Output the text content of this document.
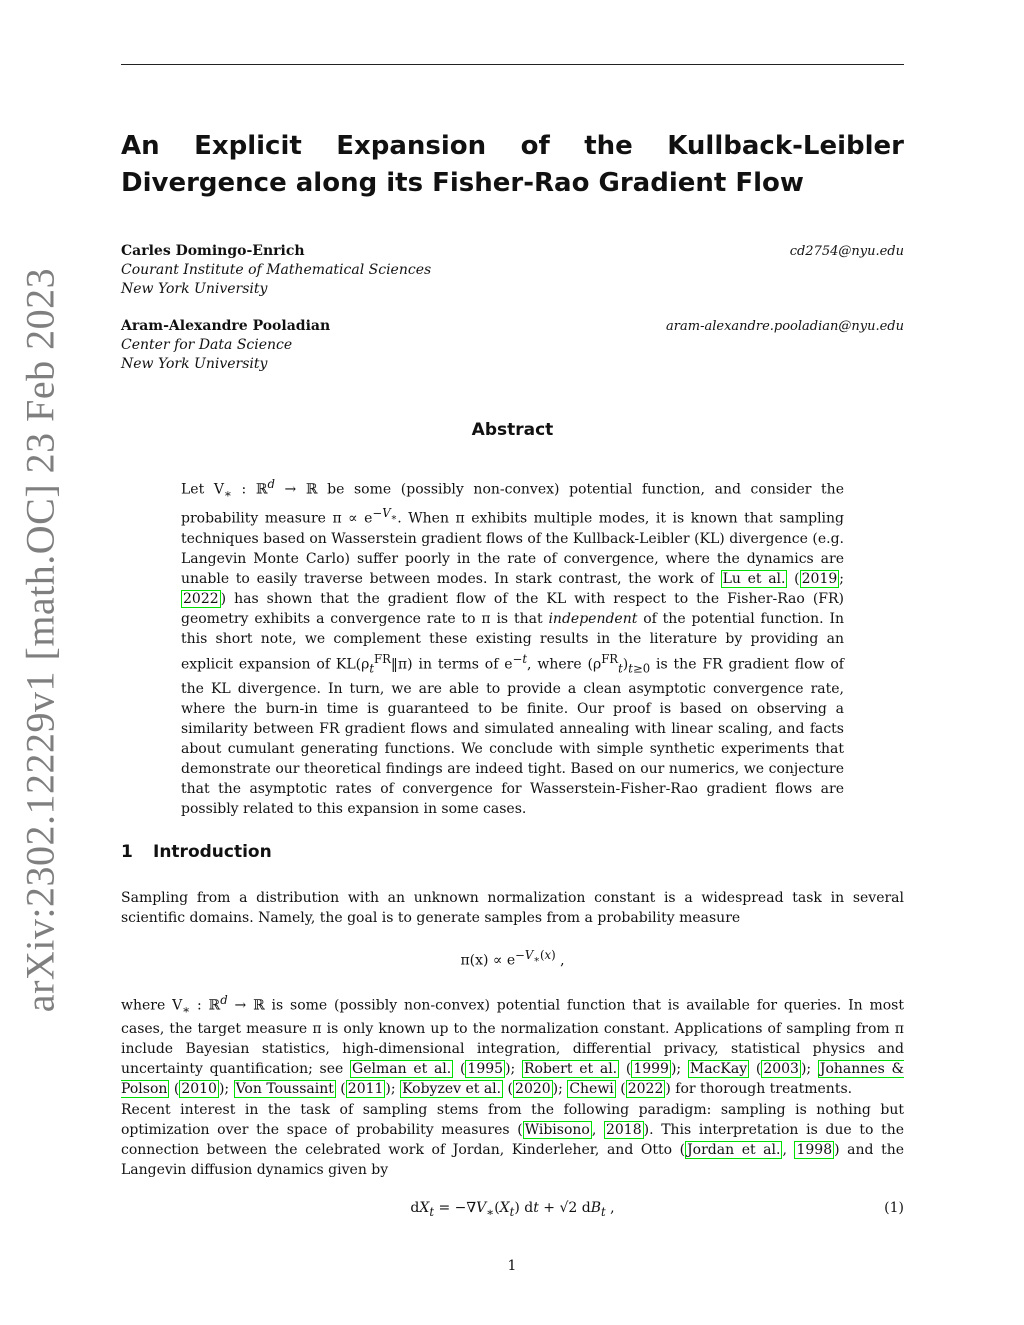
arXiv:2302.12229v1 [math.OC] 23 Feb 2023
An Explicit Expansion of the Kullback-Leibler Divergence along its Fisher-Rao Gradient Flow
Carles Domingo-Enrich
Courant Institute of Mathematical Sciences
New York University
cd2754@nyu.edu
Aram-Alexandre Pooladian
Center for Data Science
New York University
aram-alexandre.pooladian@nyu.edu
Abstract

Let $V_∗$ : ℝ$^d$ → ℝ be some (possibly non-convex) potential function, and consider the probability measure $\pi \propto e^{-V_∗}$. When π exhibits multiple modes, it is known that sampling techniques based on Wasserstein gradient flows of the Kullback-Leibler (KL) divergence (e.g. Langevin Monte Carlo) suffer poorly in the rate of convergence, where the dynamics are unable to easily traverse between modes. In stark contrast, the work of Lu et al. ( 2019 ; 2022 ) has shown that the gradient flow of the KL with respect to the Fisher-Rao (FR) geometry exhibits a convergence rate to π is that independent of the potential function. In this short note, we complement these existing results in the literature by providing an explicit expansion of $KL(\rho_t^{FR}‖\pi)$ in terms of $e^{-t}$, where $(\rho^{FR}_t)_{t\ge 0}$ is the FR gradient flow of the KL divergence. In turn, we are able to provide a clean asymptotic convergence rate, where the burn-in time is guaranteed to be finite. Our proof is based on observing a similarity between FR gradient flows and simulated annealing with linear scaling, and facts about cumulant generating functions. We conclude with simple synthetic experiments that demonstrate our theoretical findings are indeed tight. Based on our numerics, we conjecture that the asymptotic rates of convergence for Wasserstein-Fisher-Rao gradient flows are possibly related to this expansion in some cases.

1 Introduction

Sampling from a distribution with an unknown normalization constant is a widespread task in several scientific domains. Namely, the goal is to generate samples from a probability measure

$\pi(x) \propto e^{-V_∗(x)}$ ,

where $V_∗$ : ℝ$^d$ → ℝ is some (possibly non-convex) potential function that is available for queries. In most cases, the target measure π is only known up to the normalization constant. Applications of sampling from π include Bayesian statistics, high-dimensional integration, differential privacy, statistical physics and uncertainty quantification; see Gelman et al. ( 1995 ); Robert et al. ( 1999 ); MacKay ( 2003 ); Johannes & Polson ( 2010 ); Von Toussaint ( 2011 ); Kobyzev et al. ( 2020 ); Chewi ( 2022 ) for thorough treatments.

Recent interest in the task of sampling stems from the following paradigm: sampling is nothing but optimization over the space of probability measures ( Wibisono , 2018 ). This interpretation is due to the connection between the celebrated work of Jordan, Kinderleher, and Otto ( Jordan et al. , 1998 ) and the Langevin diffusion dynamics given by

$dX_t = -\nabla V_∗(X_t)$ dt + √2 $dB_t$ ,	(1)
1
